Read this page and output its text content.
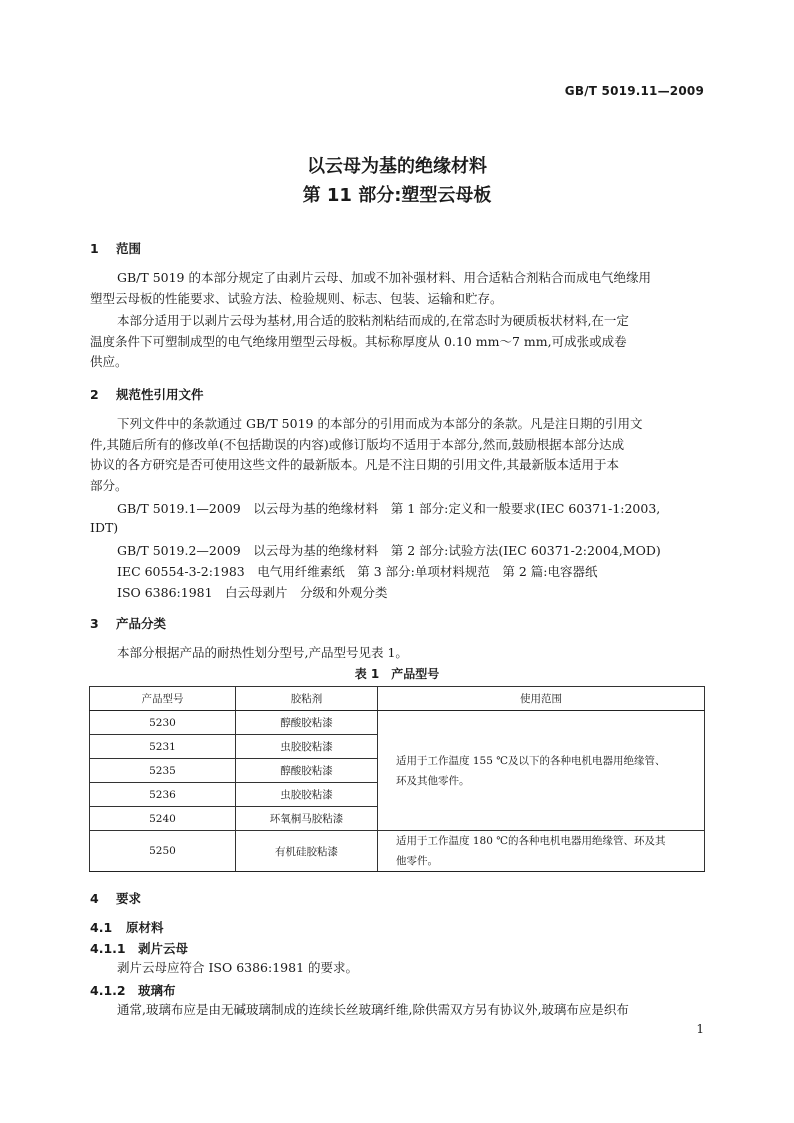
GB/T 5019.11—2009
以云母为基的绝缘材料
第 11 部分:塑型云母板
1 范围
GB/T 5019 的本部分规定了由剥片云母、加或不加补强材料、用合适粘合剂粘合而成电气绝缘用
塑型云母板的性能要求、试验方法、检验规则、标志、包装、运输和贮存。
本部分适用于以剥片云母为基材,用合适的胶粘剂粘结而成的,在常态时为硬质板状材料,在一定
温度条件下可塑制成型的电气绝缘用塑型云母板。其标称厚度从 0.10 mm～7 mm,可成张或成卷
供应。
2 规范性引用文件
下列文件中的条款通过 GB/T 5019 的本部分的引用而成为本部分的条款。凡是注日期的引用文
件,其随后所有的修改单(不包括勘误的内容)或修订版均不适用于本部分,然而,鼓励根据本部分达成
协议的各方研究是否可使用这些文件的最新版本。凡是不注日期的引用文件,其最新版本适用于本
部分。
GB/T 5019.1—2009　以云母为基的绝缘材料　第 1 部分:定义和一般要求(IEC 60371-1:2003,
IDT)
GB/T 5019.2—2009　以云母为基的绝缘材料　第 2 部分:试验方法(IEC 60371-2:2004,MOD)
IEC 60554-3-2:1983　电气用纤维素纸　第 3 部分:单项材料规范　第 2 篇:电容器纸
ISO 6386:1981　白云母剥片　分级和外观分类
3 产品分类
本部分根据产品的耐热性划分型号,产品型号见表 1。
表 1　产品型号
产品型号	胶粘剂	使用范围
5230	醇酸胶粘漆	适用于工作温度 155 ℃及以下的各种电机电器用绝缘管、
环及其他零件。

5231	虫胶胶粘漆	
5235	醇酸胶粘漆	
5236	虫胶胶粘漆	
5240	环氧桐马胶粘漆	
5250	有机硅胶粘漆	适用于工作温度 180 ℃的各种电机电器用绝缘管、环及其
他零件。
4 要求
4.1 原材料
4.1.1 剥片云母
剥片云母应符合 ISO 6386:1981 的要求。
4.1.2 玻璃布
通常,玻璃布应是由无碱玻璃制成的连续长丝玻璃纤维,除供需双方另有协议外,玻璃布应是织布
1
